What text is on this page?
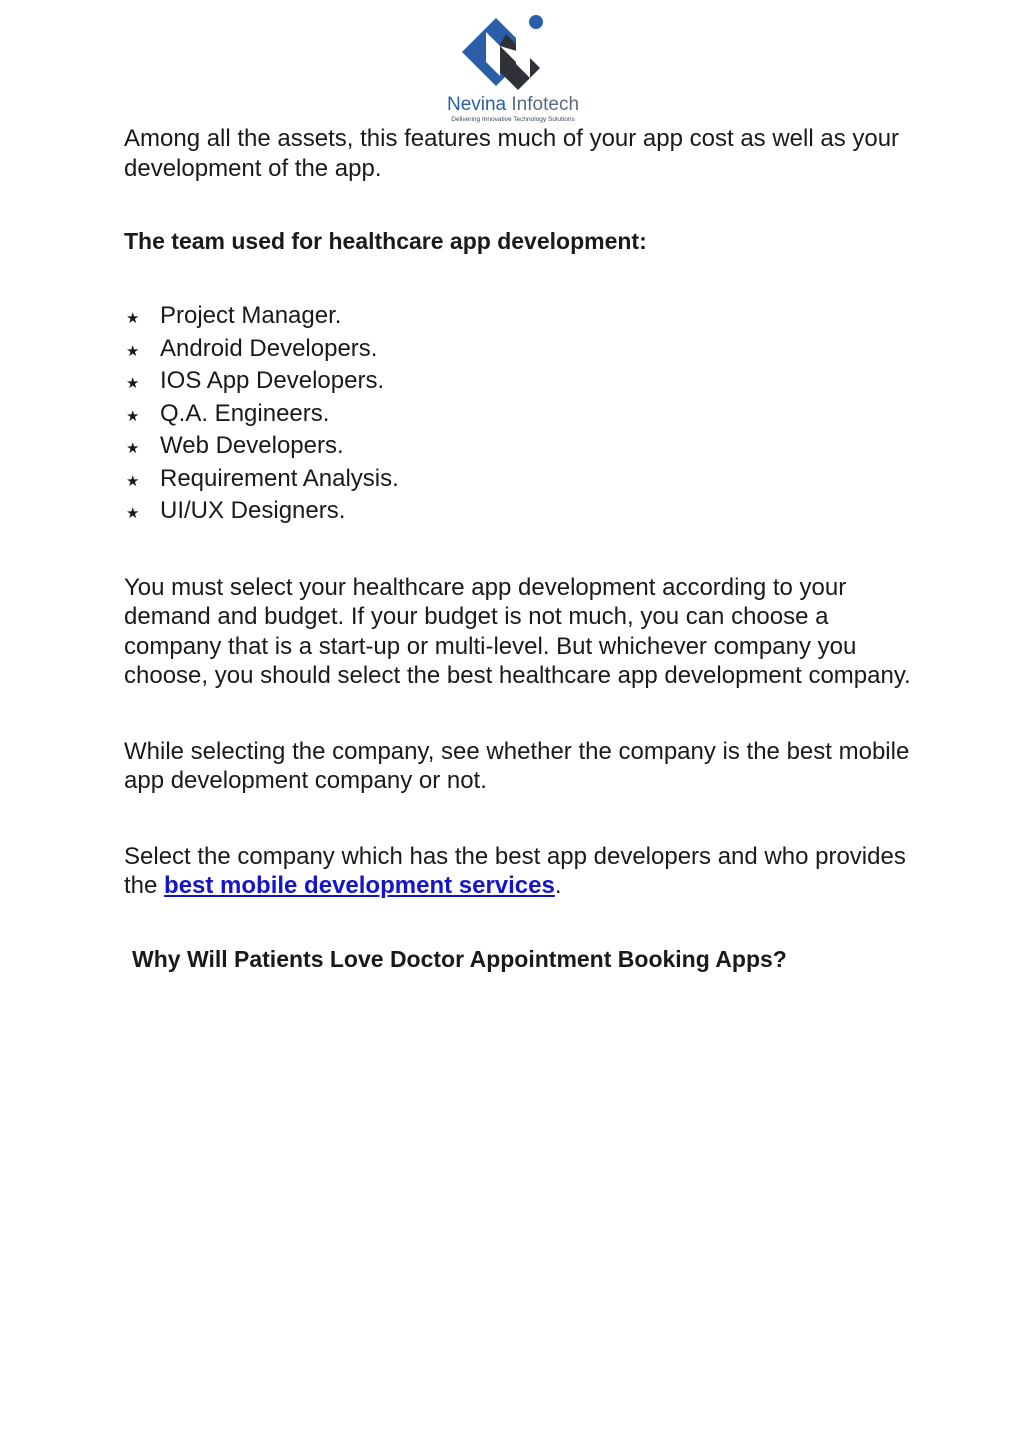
Nevina Infotech
Delivering Innovative Technology Solutions

Among all the assets, this features much of your app cost as well as your development of the app.

The team used for healthcare app development:

★ Project Manager.
★ Android Developers.
★ IOS App Developers.
★ Q.A. Engineers.
★ Web Developers.
★ Requirement Analysis.
★ UI/UX Designers.

You must select your healthcare app development according to your demand and budget. If your budget is not much, you can choose a company that is a start-up or multi-level. But whichever company you choose, you should select the best healthcare app development company.

While selecting the company, see whether the company is the best mobile app development company or not.

Select the company which has the best app developers and who provides the best mobile development services.

Why Will Patients Love Doctor Appointment Booking Apps?
